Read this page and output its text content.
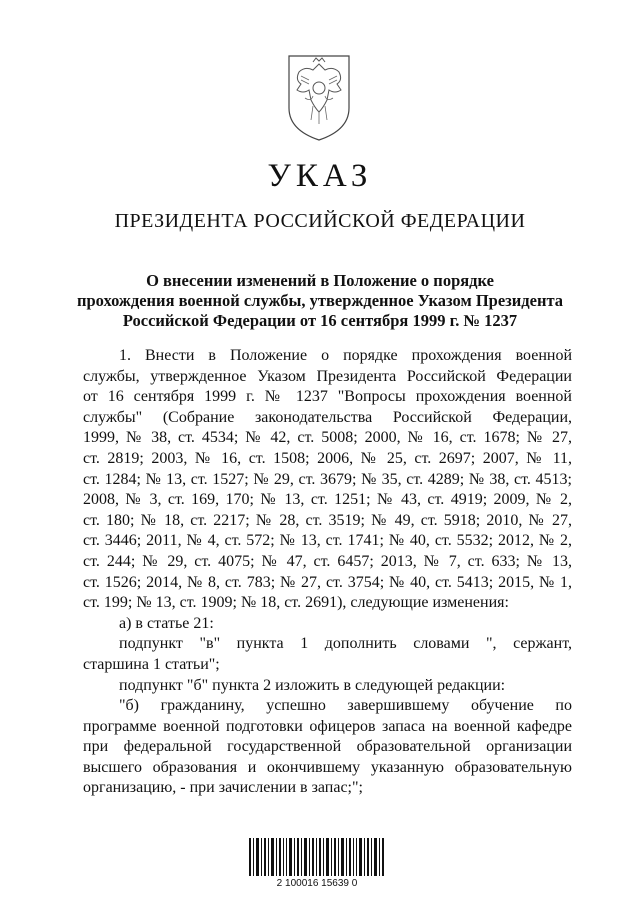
УКАЗ
ПРЕЗИДЕНТА РОССИЙСКОЙ ФЕДЕРАЦИИ
О внесении изменений в Положение о порядке
прохождения военной службы, утвержденное Указом Президента
Российской Федерации от 16 сентября 1999 г. № 1237
1. Внести в Положение о порядке прохождения военной
службы, утвержденное Указом Президента Российской Федерации
от 16 сентября 1999 г. № 1237 "Вопросы прохождения военной
службы" (Собрание законодательства Российской Федерации,
1999, № 38, ст. 4534; № 42, ст. 5008; 2000, № 16, ст. 1678; № 27,
ст. 2819; 2003, № 16, ст. 1508; 2006, № 25, ст. 2697; 2007, № 11,
ст. 1284; № 13, ст. 1527; № 29, ст. 3679; № 35, ст. 4289; № 38, ст. 4513;
2008, № 3, ст. 169, 170; № 13, ст. 1251; № 43, ст. 4919; 2009, № 2,
ст. 180; № 18, ст. 2217; № 28, ст. 3519; № 49, ст. 5918; 2010, № 27,
ст. 3446; 2011, № 4, ст. 572; № 13, ст. 1741; № 40, ст. 5532; 2012, № 2,
ст. 244; № 29, ст. 4075; № 47, ст. 6457; 2013, № 7, ст. 633; № 13,
ст. 1526; 2014, № 8, ст. 783; № 27, ст. 3754; № 40, ст. 5413; 2015, № 1,
ст. 199; № 13, ст. 1909; № 18, ст. 2691), следующие изменения:
а) в статье 21:
подпункт "в" пункта 1 дополнить словами ", сержант,
старшина 1 статьи";
подпункт "б" пункта 2 изложить в следующей редакции:
"б) гражданину, успешно завершившему обучение по
программе военной подготовки офицеров запаса на военной кафедре
при федеральной государственной образовательной организации
высшего образования и окончившему указанную образовательную
организацию, - при зачислении в запас;";
2 100016 15639 0
